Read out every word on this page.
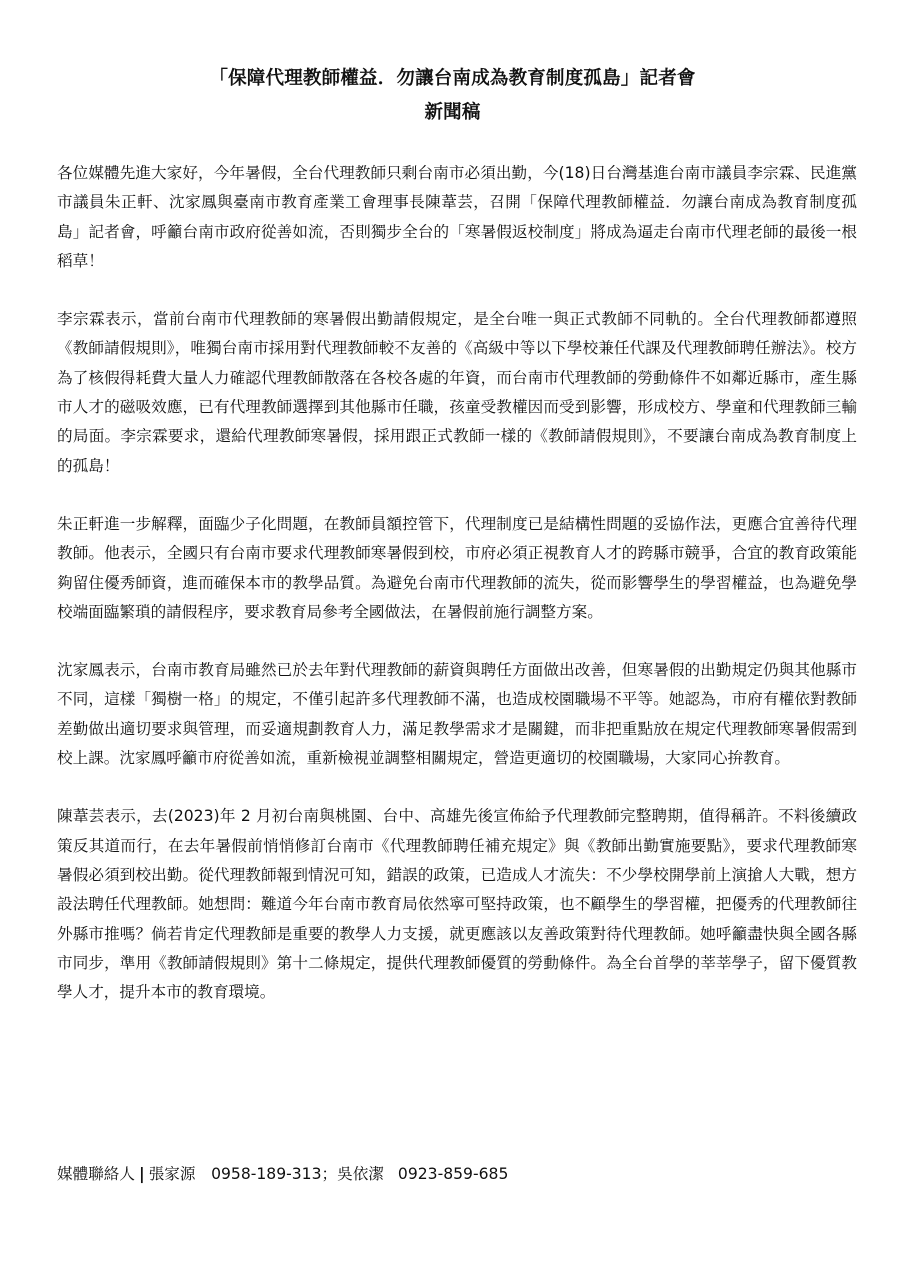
「保障代理教師權益．勿讓台南成為教育制度孤島」記者會
新聞稿

各位媒體先進大家好，今年暑假，全台代理教師只剩台南市必須出勤，今(18)日台灣基進台南市議員李宗霖、民進黨市議員朱正軒、沈家鳳與臺南市教育產業工會理事長陳葦芸，召開「保障代理教師權益．勿讓台南成為教育制度孤島」記者會，呼籲台南市政府從善如流，否則獨步全台的「寒暑假返校制度」將成為逼走台南市代理老師的最後一根稻草！

李宗霖表示，當前台南市代理教師的寒暑假出勤請假規定，是全台唯一與正式教師不同軌的。全台代理教師都遵照《教師請假規則》，唯獨台南市採用對代理教師較不友善的《高級中等以下學校兼任代課及代理教師聘任辦法》。校方為了核假得耗費大量人力確認代理教師散落在各校各處的年資，而台南市代理教師的勞動條件不如鄰近縣市，產生縣市人才的磁吸效應，已有代理教師選擇到其他縣市任職，孩童受教權因而受到影響，形成校方、學童和代理教師三輸的局面。李宗霖要求，還給代理教師寒暑假，採用跟正式教師一樣的《教師請假規則》，不要讓台南成為教育制度上的孤島！

朱正軒進一步解釋，面臨少子化問題，在教師員額控管下，代理制度已是結構性問題的妥協作法，更應合宜善待代理教師。他表示，全國只有台南市要求代理教師寒暑假到校，市府必須正視教育人才的跨縣市競爭，合宜的教育政策能夠留住優秀師資，進而確保本市的教學品質。為避免台南市代理教師的流失，從而影響學生的學習權益，也為避免學校端面臨繁瑣的請假程序，要求教育局參考全國做法，在暑假前施行調整方案。

沈家鳳表示，台南市教育局雖然已於去年對代理教師的薪資與聘任方面做出改善，但寒暑假的出勤規定仍與其他縣市不同，這樣「獨樹一格」的規定，不僅引起許多代理教師不滿，也造成校園職場不平等。她認為，市府有權依對教師差勤做出適切要求與管理，而妥適規劃教育人力，滿足教學需求才是關鍵，而非把重點放在規定代理教師寒暑假需到校上課。沈家鳳呼籲市府從善如流，重新檢視並調整相關規定，營造更適切的校園職場，大家同心拚教育。

陳葦芸表示，去(2023)年 2 月初台南與桃園、台中、高雄先後宣佈給予代理教師完整聘期，值得稱許。不料後續政策反其道而行，在去年暑假前悄悄修訂台南市《代理教師聘任補充規定》與《教師出勤實施要點》，要求代理教師寒暑假必須到校出勤。從代理教師報到情況可知，錯誤的政策，已造成人才流失：不少學校開學前上演搶人大戰，想方設法聘任代理教師。她想問：難道今年台南市教育局依然寧可堅持政策，也不顧學生的學習權，把優秀的代理教師往外縣市推嗎？倘若肯定代理教師是重要的教學人力支援，就更應該以友善政策對待代理教師。她呼籲盡快與全國各縣市同步，準用《教師請假規則》第十二條規定，提供代理教師優質的勞動條件。為全台首學的莘莘學子，留下優質教學人才，提升本市的教育環境。

媒體聯絡人 | 張家源　0958-189-313；吳依潔 0923-859-685
